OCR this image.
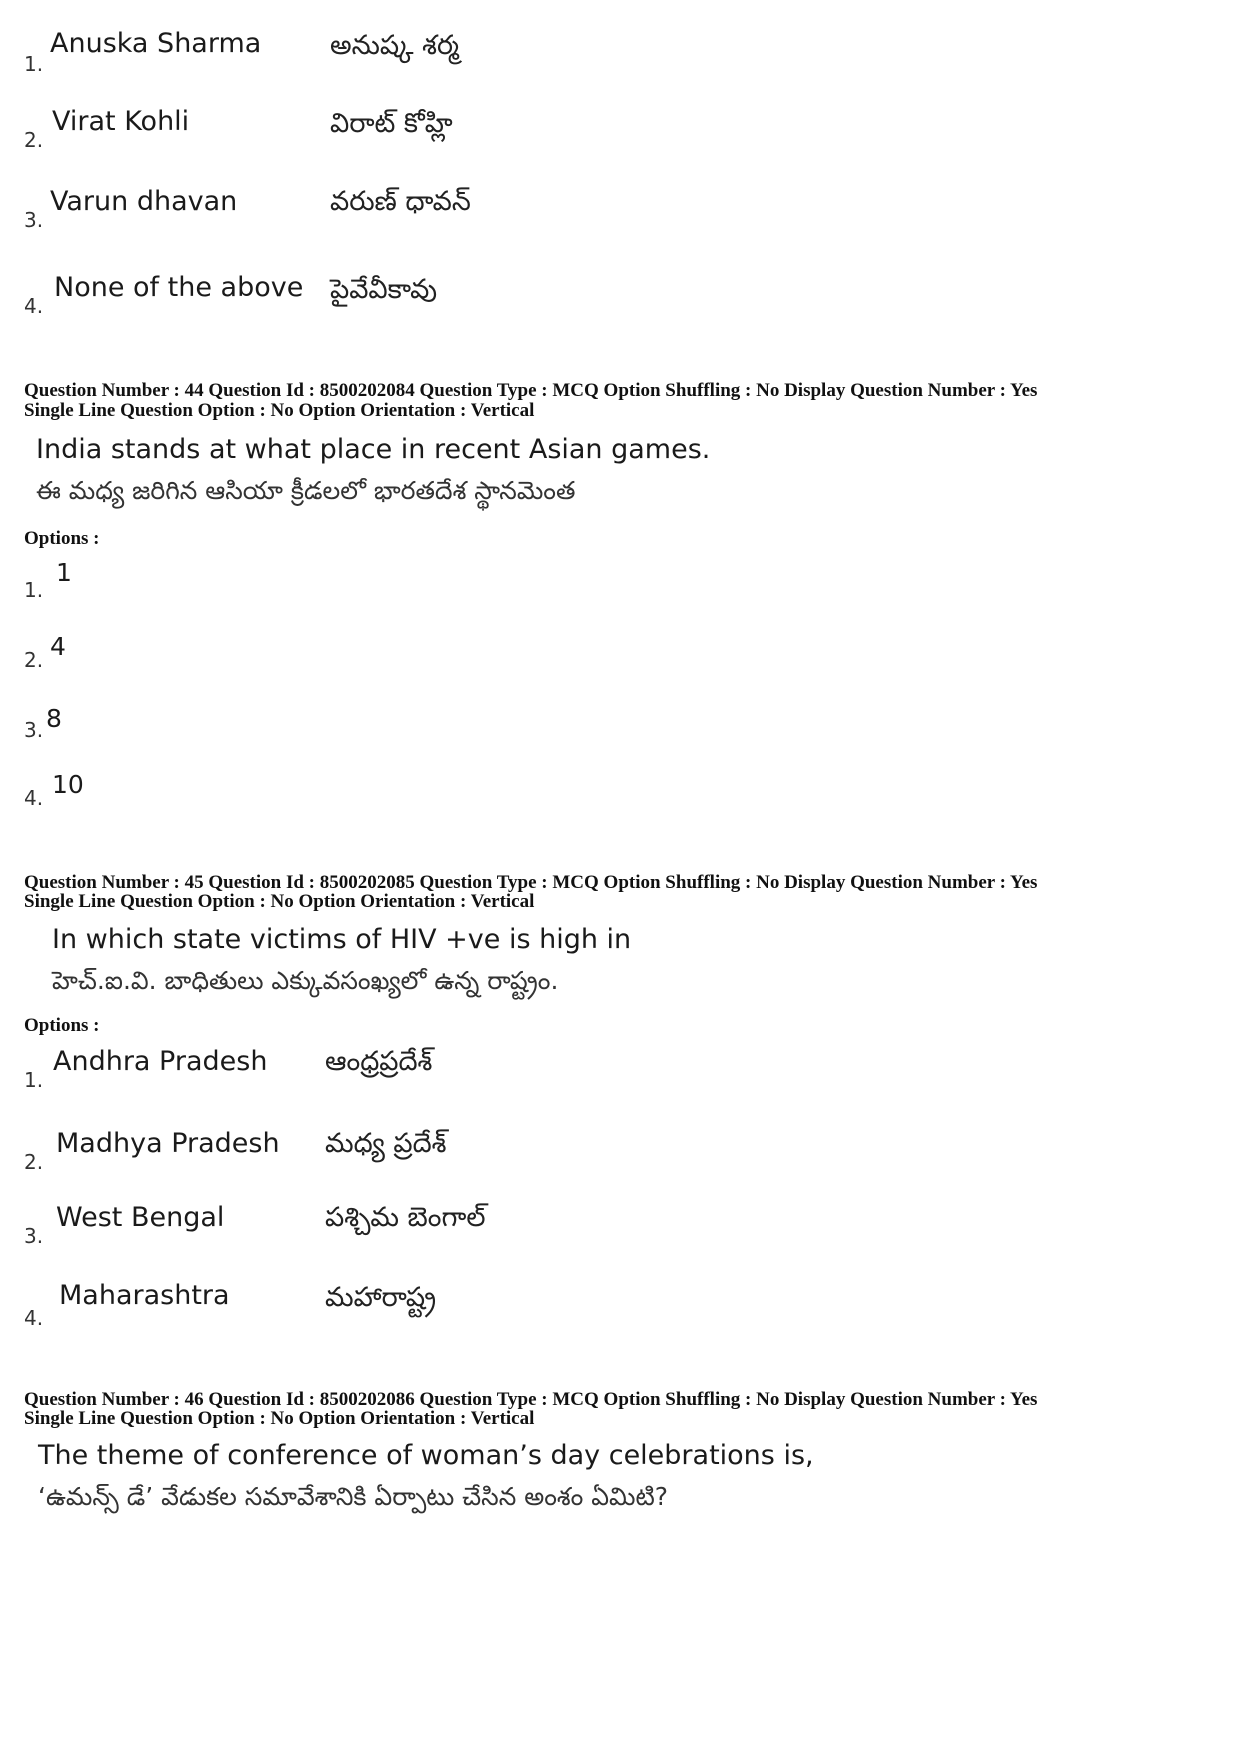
1.
Anuska Sharma	అనుష్క శర్మ
2.
Virat Kohli	విరాట్ కోహ్లి
3.
Varun dhavan	వరుణ్ ధావన్
4.
None of the above పైవేవీకావు
Question Number : 44 Question Id : 8500202084 Question Type : MCQ Option Shuffling : No Display Question Number : Yes
Single Line Question Option : No Option Orientation : Vertical
India stands at what place in recent Asian games.
ఈ మధ్య జరిగిన ఆసియా క్రీడలలో భారతదేశ స్థానమెంత
Options :
1.
1
2. 4
3. 8
4. 10
Question Number : 45 Question Id : 8500202085 Question Type : MCQ Option Shuffling : No Display Question Number : Yes
Single Line Question Option : No Option Orientation : Vertical
In which state victims of HIV +ve is high in
హెచ్.ఐ.వి. బాధితులు ఎక్కువసంఖ్యలో ఉన్న రాష్ట్రం.
Options :
1.
Andhra Pradesh ఆంధ్రప్రదేశ్
2.
Madhya Pradesh మధ్య ప్రదేశ్
3.
West Bengal	పశ్చిమ బెంగాల్
4.
Maharashtra	మహారాష్ట్ర
Question Number : 46 Question Id : 8500202086 Question Type : MCQ Option Shuffling : No Display Question Number : Yes
Single Line Question Option : No Option Orientation : Vertical
The theme of conference of woman’s day celebrations is,
‘ఉమన్స్ డే’ వేడుకల సమావేశానికి ఏర్పాటు చేసిన అంశం ఏమిటి?
